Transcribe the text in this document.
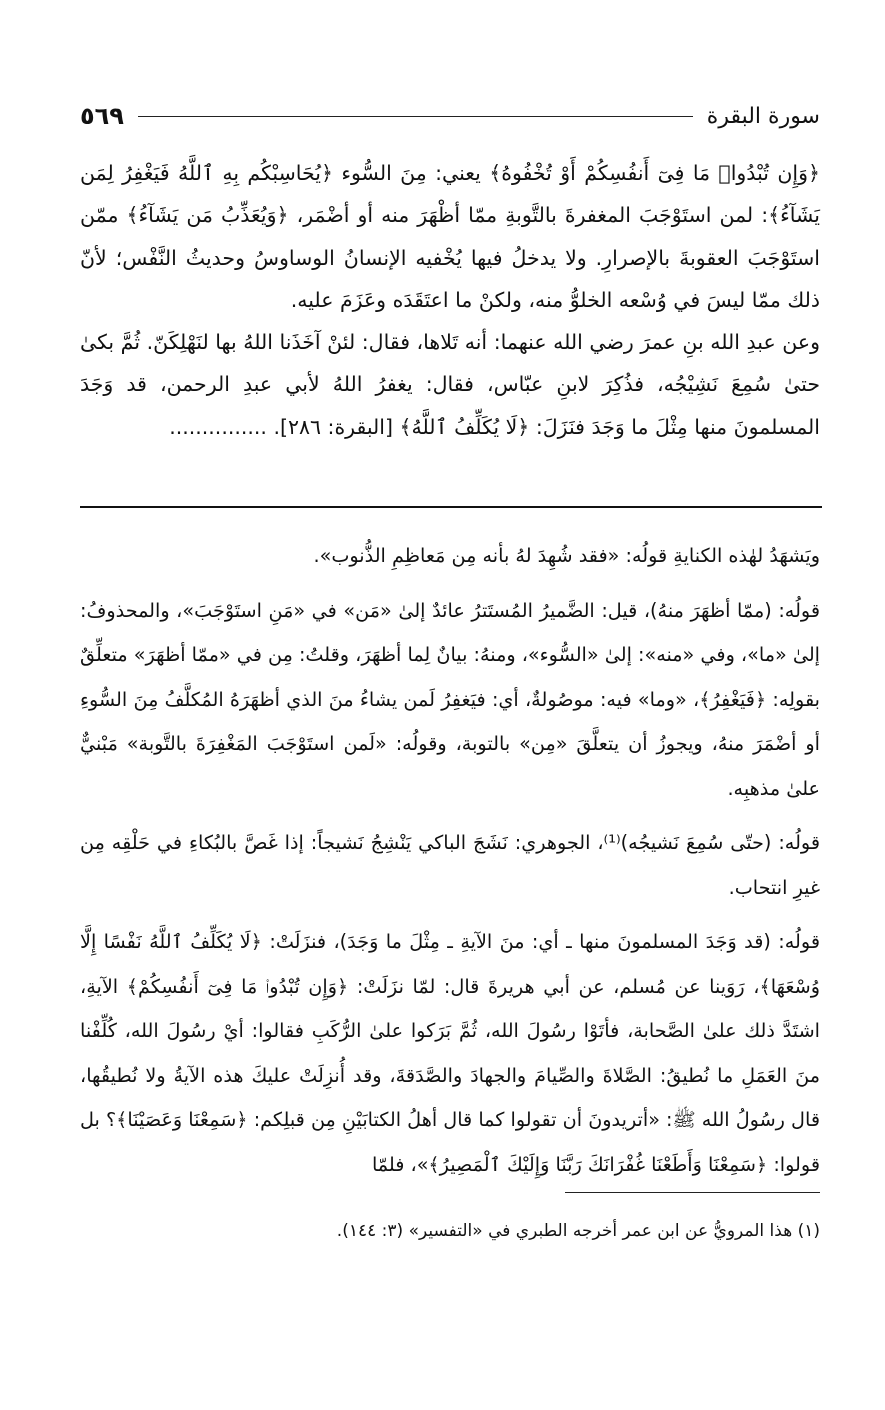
سورة البقرة
٥٦٩

﴿وَإِن تُبْدُوا۟ مَا فِىٓ أَنفُسِكُمْ أَوْ تُخْفُوهُ﴾ يعني: مِنَ السُّوء ﴿يُحَاسِبْكُم بِهِ ٱللَّهُ فَيَغْفِرُ لِمَن يَشَآءُ﴾: لمن استَوْجَبَ المغفرةَ بالتَّوبةِ ممّا أظْهَرَ منه أو أضْمَر، ﴿وَيُعَذِّبُ مَن يَشَآءُ﴾ ممّن استَوْجَبَ العقوبةَ بالإصرارِ. ولا يدخلُ فيها يُخْفيه الإنسانُ الوساوسُ وحديثُ النَّفْس؛ لأنّ ذلك ممّا ليسَ في وُسْعه الخلوُّ منه، ولكنْ ما اعتَقَدَه وعَزَمَ عليه.

وعن عبدِ الله بنِ عمرَ رضي الله عنهما: أنه تَلاها، فقال: لئنْ آخَذَنا اللهُ بها لنَهْلِكَنّ. ثُمَّ بكىٰ حتىٰ سُمِعَ نَشِيْجُه، فذُكِرَ لابنِ عبّاس، فقال: يغفرُ اللهُ لأبي عبدِ الرحمن، قد وَجَدَ المسلمونَ منها مِثْلَ ما وَجَدَ فنَزَلَ: ﴿لَا يُكَلِّفُ ٱللَّهُ﴾ [البقرة: ٢٨٦]. ...............

ويَشهَدُ لهٰذه الكنايةِ قولُه: «فقد شُهِدَ لهُ بأنه مِن مَعاظِمِ الذُّنوب».

قولُه: (ممّا أظهَرَ منهُ)، قيل: الضَّميرُ المُستَترُ عائدٌ إلىٰ «مَن» في «مَنِ استَوْجَبَ»، والمحذوفُ: إلىٰ «ما»، وفي «منه»: إلىٰ «السُّوء»، ومنهُ: بيانٌ لِما أظهَرَ، وقلتُ: مِن في «ممّا أظهَرَ» متعلِّقٌ بقولِه: ﴿فَيَغْفِرُ﴾، «وما» فيه: موصُولةٌ، أي: فيَغفِرُ لَمن يشاءُ منَ الذي أظهَرَهُ المُكلَّفُ مِنَ السُّوءِ أو أضْمَرَ منهُ، ويجوزُ أن يتعلَّقَ «مِن» بالتوبة، وقولُه: «لَمن استَوْجَبَ المَغْفِرَةَ بالتَّوبة» مَبْنيٌّ علىٰ مذهبِه.

قولُه: (حتّى سُمِعَ نَشيجُه)⁽¹⁾، الجوهري: نَشَجَ الباكي يَنْشِجُ نَشيجاً: إذا غَصَّ بالبُكاءِ في حَلْقِه مِن غيرِ انتحاب.

قولُه: (قد وَجَدَ المسلمونَ منها ـ أي: منَ الآيةِ ـ مِثْلَ ما وَجَدَ)، فنزَلَتْ: ﴿لَا يُكَلِّفُ ٱللَّهُ نَفْسًا إِلَّا وُسْعَهَا﴾، رَوَينا عن مُسلم، عن أبي هريرةَ قال: لمّا نزَلَتْ: ﴿وَإِن تُبْدُوا۟ مَا فِىٓ أَنفُسِكُمْ﴾ الآيةِ، اشتَدَّ ذلك علىٰ الصَّحابة، فأتَوْا رسُولَ الله، ثُمَّ بَرَكوا علىٰ الرُّكَبِ فقالوا: أيْ رسُولَ الله، كُلِّفْنا منَ العَمَلِ ما نُطيقُ: الصَّلاةَ والصِّيامَ والجهادَ والصَّدَقةَ، وقد أُنزِلَتْ عليكَ هذه الآيةُ ولا نُطيقُها، قال رسُولُ الله ﷺ: «أتريدونَ أن تقولوا كما قال أهلُ الكتابَيْنِ مِن قبلِكم: ﴿سَمِعْنَا وَعَصَيْنَا﴾؟ بل قولوا: ﴿سَمِعْنَا وَأَطَعْنَا غُفْرَانَكَ رَبَّنَا وَإِلَيْكَ ٱلْمَصِيرُ﴾»، فلمّا

(١) هذا المرويُّ عن ابن عمر أخرجه الطبري في «التفسير» (٣: ١٤٤).
